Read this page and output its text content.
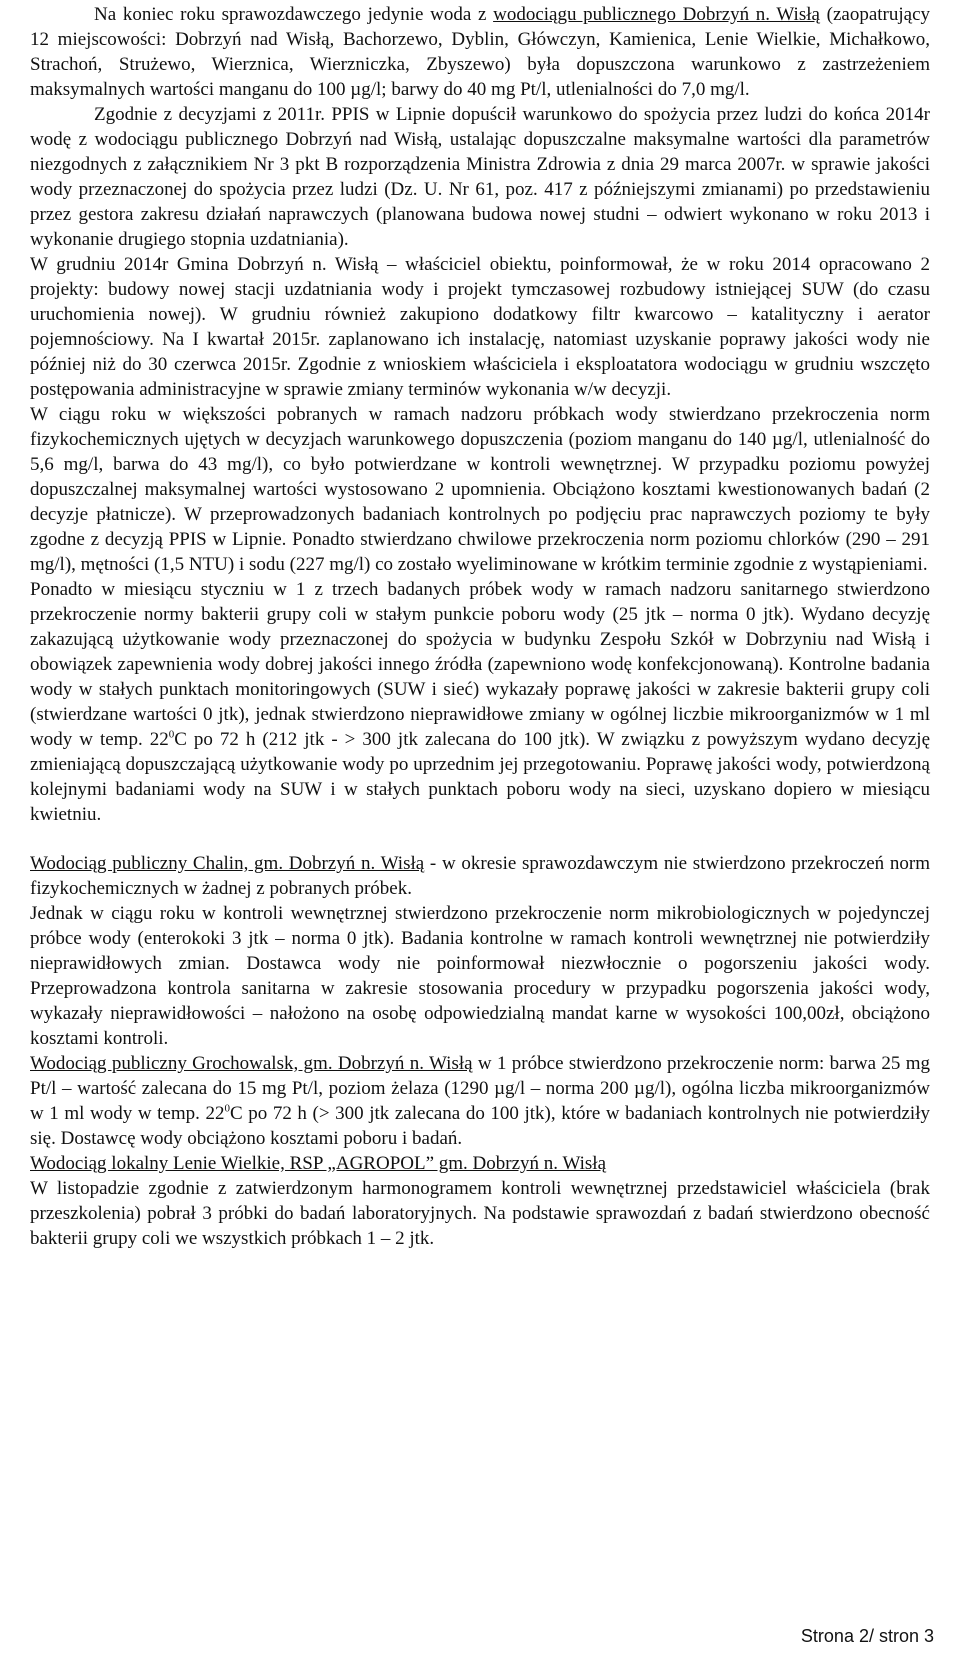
Na koniec roku sprawozdawczego jedynie woda z wodociągu publicznego Dobrzyń n. Wisłą (zaopatrujący 12 miejscowości: Dobrzyń nad Wisłą, Bachorzewo, Dyblin, Główczyn, Kamienica, Lenie Wielkie, Michałkowo, Strachoń, Strużewo, Wierznica, Wierzniczka, Zbyszewo) była dopuszczona warunkowo z zastrzeżeniem maksymalnych wartości manganu do 100 µg/l; barwy do 40 mg Pt/l, utlenialności do 7,0 mg/l.

Zgodnie z decyzjami z 2011r. PPIS w Lipnie dopuścił warunkowo do spożycia przez ludzi do końca 2014r wodę z wodociągu publicznego Dobrzyń nad Wisłą, ustalając dopuszczalne maksymalne wartości dla parametrów niezgodnych z załącznikiem Nr 3 pkt B rozporządzenia Ministra Zdrowia z dnia 29 marca 2007r. w sprawie jakości wody przeznaczonej do spożycia przez ludzi (Dz. U. Nr 61, poz. 417 z późniejszymi zmianami) po przedstawieniu przez gestora zakresu działań naprawczych (planowana budowa nowej studni – odwiert wykonano w roku 2013 i wykonanie drugiego stopnia uzdatniania).

W grudniu 2014r Gmina Dobrzyń n. Wisłą – właściciel obiektu, poinformował, że w roku 2014 opracowano 2 projekty: budowy nowej stacji uzdatniania wody i projekt tymczasowej rozbudowy istniejącej SUW (do czasu uruchomienia nowej). W grudniu również zakupiono dodatkowy filtr kwarcowo – katalityczny i aerator pojemnościowy. Na I kwartał 2015r. zaplanowano ich instalację, natomiast uzyskanie poprawy jakości wody nie później niż do 30 czerwca 2015r. Zgodnie z wnioskiem właściciela i eksploatatora wodociągu w grudniu wszczęto postępowania administracyjne w sprawie zmiany terminów wykonania w/w decyzji.

W ciągu roku w większości pobranych w ramach nadzoru próbkach wody stwierdzano przekroczenia norm fizykochemicznych ujętych w decyzjach warunkowego dopuszczenia (poziom manganu do 140 µg/l, utlenialność do 5,6 mg/l, barwa do 43 mg/l), co było potwierdzane w kontroli wewnętrznej. W przypadku poziomu powyżej dopuszczalnej maksymalnej wartości wystosowano 2 upomnienia. Obciążono kosztami kwestionowanych badań (2 decyzje płatnicze). W przeprowadzonych badaniach kontrolnych po podjęciu prac naprawczych poziomy te były zgodne z decyzją PPIS w Lipnie. Ponadto stwierdzano chwilowe przekroczenia norm poziomu chlorków (290 – 291 mg/l), mętności (1,5 NTU) i sodu (227 mg/l) co zostało wyeliminowane w krótkim terminie zgodnie z wystąpieniami.

Ponadto w miesiącu styczniu w 1 z trzech badanych próbek wody w ramach nadzoru sanitarnego stwierdzono przekroczenie normy bakterii grupy coli w stałym punkcie poboru wody (25 jtk – norma 0 jtk). Wydano decyzję zakazującą użytkowanie wody przeznaczonej do spożycia w budynku Zespołu Szkół w Dobrzyniu nad Wisłą i obowiązek zapewnienia wody dobrej jakości innego źródła (zapewniono wodę konfekcjonowaną). Kontrolne badania wody w stałych punktach monitoringowych (SUW i sieć) wykazały poprawę jakości w zakresie bakterii grupy coli (stwierdzane wartości 0 jtk), jednak stwierdzono nieprawidłowe zmiany w ogólnej liczbie mikroorganizmów w 1 ml wody w temp. $22^0C$ po 72 h (212 jtk - > 300 jtk zalecana do 100 jtk). W związku z powyższym wydano decyzję zmieniającą dopuszczającą użytkowanie wody po uprzednim jej przegotowaniu. Poprawę jakości wody, potwierdzoną kolejnymi badaniami wody na SUW i w stałych punktach poboru wody na sieci, uzyskano dopiero w miesiącu kwietniu.

Wodociąg publiczny Chalin, gm. Dobrzyń n. Wisłą - w okresie sprawozdawczym nie stwierdzono przekroczeń norm fizykochemicznych w żadnej z pobranych próbek.

Jednak w ciągu roku w kontroli wewnętrznej stwierdzono przekroczenie norm mikrobiologicznych w pojedynczej próbce wody (enterokoki 3 jtk – norma 0 jtk). Badania kontrolne w ramach kontroli wewnętrznej nie potwierdziły nieprawidłowych zmian. Dostawca wody nie poinformował niezwłocznie o pogorszeniu jakości wody. Przeprowadzona kontrola sanitarna w zakresie stosowania procedury w przypadku pogorszenia jakości wody, wykazały nieprawidłowości – nałożono na osobę odpowiedzialną mandat karne w wysokości 100,00zł, obciążono kosztami kontroli.

Wodociąg publiczny Grochowalsk, gm. Dobrzyń n. Wisłą w 1 próbce stwierdzono przekroczenie norm: barwa 25 mg Pt/l – wartość zalecana do 15 mg Pt/l, poziom żelaza (1290 µg/l – norma 200 µg/l), ogólna liczba mikroorganizmów w 1 ml wody w temp. $22^0C$ po 72 h (> 300 jtk zalecana do 100 jtk), które w badaniach kontrolnych nie potwierdziły się. Dostawcę wody obciążono kosztami poboru i badań.

Wodociąg lokalny Lenie Wielkie, RSP „AGROPOL” gm. Dobrzyń n. Wisłą

W listopadzie zgodnie z zatwierdzonym harmonogramem kontroli wewnętrznej przedstawiciel właściciela (brak przeszkolenia) pobrał 3 próbki do badań laboratoryjnych. Na podstawie sprawozdań z badań stwierdzono obecność bakterii grupy coli we wszystkich próbkach 1 – 2 jtk.

Strona 2/ stron 3
